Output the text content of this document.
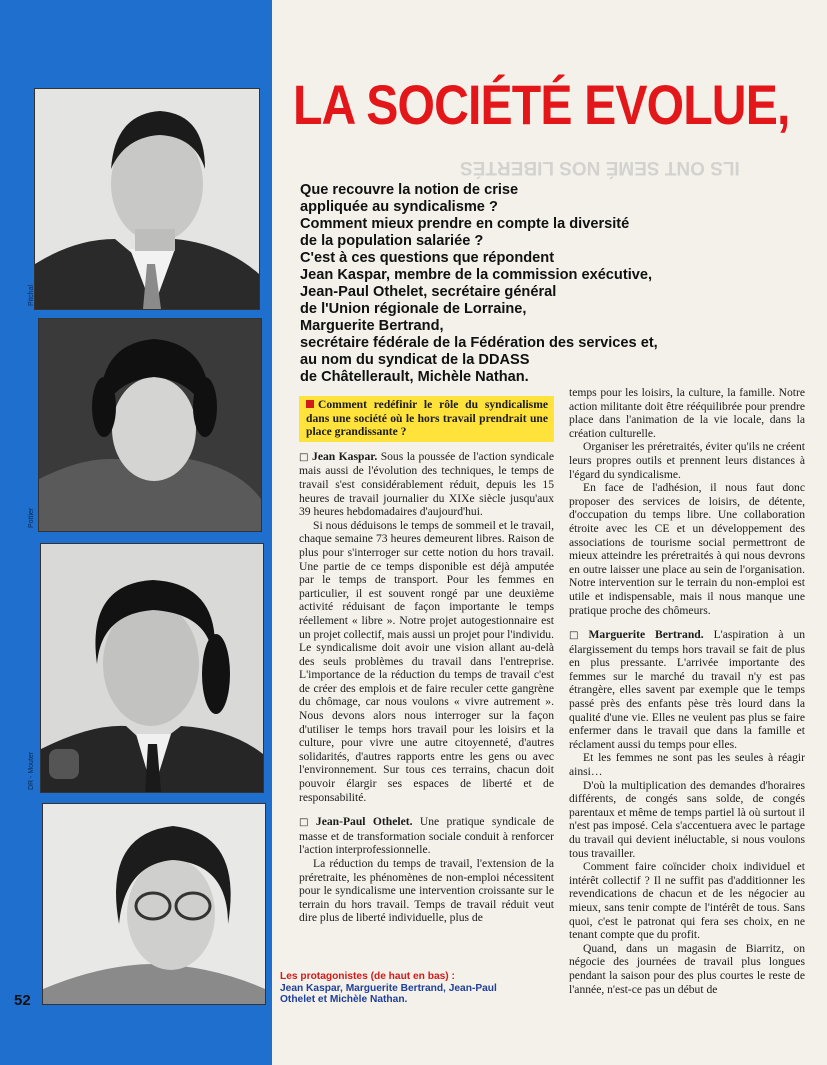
Pitchal
Pottier
DR - Mouter
52
Les protagonistes (de haut en bas) :
Jean Kaspar, Marguerite Bertrand, Jean-Paul Othelet et Michèle Nathan.
ILS ONT SEMÉ NOS LIBERTÉS
LA SOCIÉTÉ EVOLUE,
Que recouvre la notion de crise
appliquée au syndicalisme ?
Comment mieux prendre en compte la diversité
de la population salariée ?
C'est à ces questions que répondent
Jean Kaspar, membre de la commission exécutive,
Jean-Paul Othelet, secrétaire général
de l'Union régionale de Lorraine,
Marguerite Bertrand,
secrétaire fédérale de la Fédération des services et,
au nom du syndicat de la DDASS
de Châtellerault, Michèle Nathan.
Comment redéfinir le rôle du syndicalisme dans une société où le hors travail prendrait une place grandissante ?

□ Jean Kaspar. Sous la poussée de l'action syndicale mais aussi de l'évolution des techniques, le temps de travail s'est considérablement réduit, depuis les 15 heures de travail journalier du XIXe siècle jusqu'aux 39 heures hebdomadaires d'aujourd'hui.

Si nous déduisons le temps de sommeil et le travail, chaque semaine 73 heures demeurent libres. Raison de plus pour s'interroger sur cette notion du hors travail. Une partie de ce temps disponible est déjà amputée par le temps de transport. Pour les femmes en particulier, il est souvent rongé par une deuxième activité réduisant de façon importante le temps réellement « libre ». Notre projet autogestionnaire est un projet collectif, mais aussi un projet pour l'individu. Le syndicalisme doit avoir une vision allant au-delà des seuls problèmes du travail dans l'entreprise. L'importance de la réduction du temps de travail c'est de créer des emplois et de faire reculer cette gangrène du chômage, car nous voulons « vivre autrement ». Nous devons alors nous interroger sur la façon d'utiliser le temps hors travail pour les loisirs et la culture, pour vivre une autre citoyenneté, d'autres solidarités, d'autres rapports entre les gens ou avec l'environnement. Sur tous ces terrains, chacun doit pouvoir élargir ses espaces de liberté et de responsabilité.

□ Jean-Paul Othelet. Une pratique syndicale de masse et de transformation sociale conduit à renforcer l'action interprofessionnelle.

La réduction du temps de travail, l'extension de la préretraite, les phénomènes de non-emploi nécessitent pour le syndicalisme une intervention croissante sur le terrain du hors travail. Temps de travail réduit veut dire plus de liberté individuelle, plus de

temps pour les loisirs, la culture, la famille. Notre action militante doit être rééquilibrée pour prendre place dans l'animation de la vie locale, dans la création culturelle.

Organiser les préretraités, éviter qu'ils ne créent leurs propres outils et prennent leurs distances à l'égard du syndicalisme.

En face de l'adhésion, il nous faut donc proposer des services de loisirs, de détente, d'occupation du temps libre. Une collaboration étroite avec les CE et un développement des associations de tourisme social permettront de mieux atteindre les préretraités à qui nous devrons en outre laisser une place au sein de l'organisation. Notre intervention sur le terrain du non-emploi est utile et indispensable, mais il nous manque une pratique proche des chômeurs.

□ Marguerite Bertrand. L'aspiration à un élargissement du temps hors travail se fait de plus en plus pressante. L'arrivée importante des femmes sur le marché du travail n'y est pas étrangère, elles savent par exemple que le temps passé près des enfants pèse très lourd dans la qualité d'une vie. Elles ne veulent pas plus se faire enfermer dans le travail que dans la famille et réclament aussi du temps pour elles.

Et les femmes ne sont pas les seules à réagir ainsi…

D'où la multiplication des demandes d'horaires différents, de congés sans solde, de congés parentaux et même de temps partiel là où surtout il n'est pas imposé. Cela s'accentuera avec le partage du travail qui devient inéluctable, si nous voulons tous travailler.

Comment faire coïncider choix individuel et intérêt collectif ? Il ne suffit pas d'additionner les revendications de chacun et de les négocier au mieux, sans tenir compte de l'intérêt de tous. Sans quoi, c'est le patronat qui fera ses choix, en ne tenant compte que du profit.

Quand, dans un magasin de Biarritz, on négocie des journées de travail plus longues pendant la saison pour des plus courtes le reste de l'année, n'est-ce pas un début de
